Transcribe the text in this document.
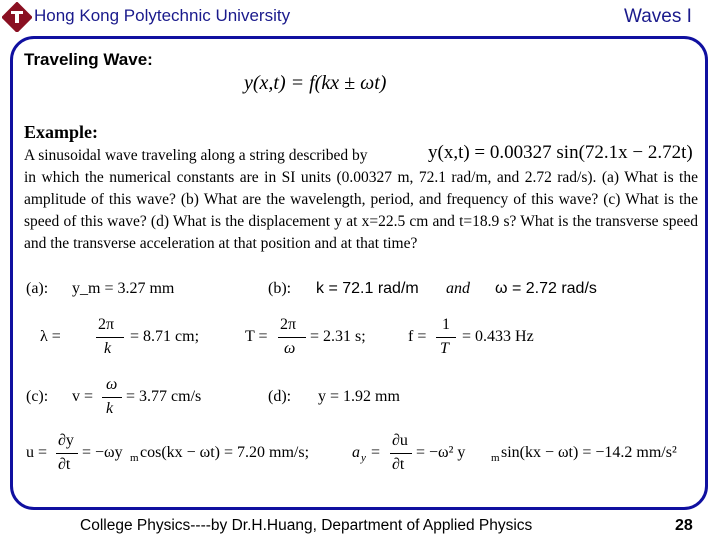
Hong Kong Polytechnic University	Waves I
Traveling Wave:
y(x,t) = f(kx ± ωt)
Example:
y(x,t) = 0.00327 sin(72.1x − 2.72t)
A sinusoidal wave traveling along a string described by
in which the numerical constants are in SI units (0.00327 m, 72.1 rad/m, and 2.72 rad/s). (a) What is the amplitude of this wave? (b) What are the wavelength, period, and frequency of this wave? (c) What is the speed of this wave? (d) What is the displacement y at x=22.5 cm and t=18.9 s? What is the transverse speed and the transverse acceleration at that position and at that time?
(a): y_m = 3.27 mm	(b): k = 72.1 rad/m and ω = 2.72 rad/s
λ =
2π
k
= 8.71 cm;	T =
2π
ω
= 2.31 s;	f =
1
T
= 0.433 Hz
(c): v =
ω
k
= 3.77 cm/s	(d): y = 1.92 mm
u =
∂y
∂t
= −ωy m cos(kx − ωt) = 7.20 mm/s;	a y =
∂u
∂t
= −ω² y m sin(kx − ωt) = −14.2 mm/s²
College Physics----by Dr.H.Huang, Department of Applied Physics	28
